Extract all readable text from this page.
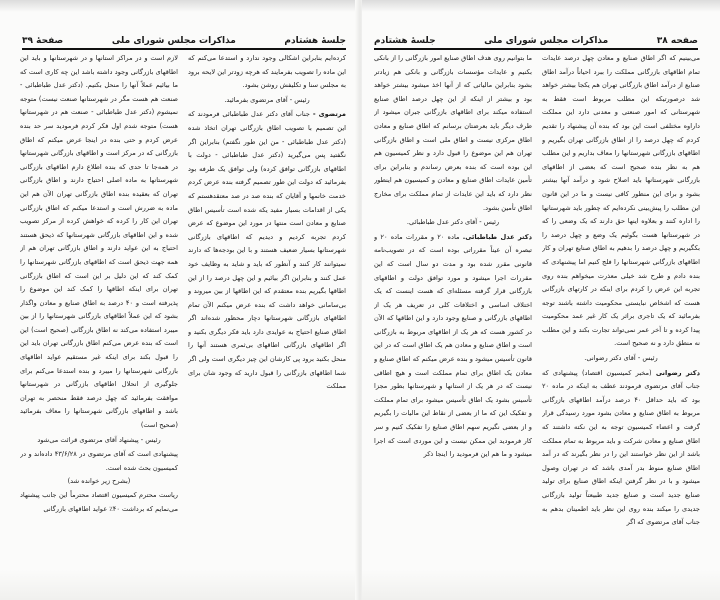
جلسهٔ هشتادم
مذاکرات مجلس شورای ملی
صفحهٔ ۳۹

کرده‌ایم بنابراین اشکالی وجود ندارد و استدعا می‌کنم که این ماده را تصویب بفرمایند که هرچه زودتر این لایحه برود به مجلس سنا و تکلیفش روشن بشود.

رئیس - آقای مرتضوی بفرمائید.

مرتضوی - جناب آقای دکتر عدل طباطبائی فرمودند که این تصمیم با تصویب اطاق بازرگانی تهران اتخاذ شده (دکتر عدل طباطبائی - من این طور نگفتم) بنابراین اگر نگفتید پس می‌گیرید (دکتر عدل طباطبائی - دولت با اطاقهای بازرگانی توافق کرده) ولی توافق یک طرفه بود بفرمائید که دولت این طور تصمیم گرفته بنده عرض کردم خدمت خانمها و آقایان که بنده صد در صد معتقدهستم که یکی از اقدامات بسیار مفید یکه شده است تأسیس اطاق صنایع و معادن است منتها در مورد این موضوع که عرض کردم تجربه کردیم و دیدیم که اطاقهای بازرگانی شهرستانها بسیار ضعیف هستند و با این بودجه‌ها که دارند نمیتوانند کار کنند و آنطور که باید و شاید به وظایف خود عمل کنند و بنابراین اگر بیائیم و این چهل درصد را از این اطاقها بگیریم بنده معتقدم که این اطاقها از بین میروند و بی‌سامانی خواهد داشت که بنده عرض میکنم الآن تمام اطاقهای بازرگانی شهرستانها دچار محظور شده‌اند اگر اطاق صنایع احتیاج به عوایدی دارد باید فکر دیگری بکنید و اگر اطاقهای بازرگانی اطاقهای بی‌ثمری هستند آنها را منحل بکنید برود پی کارشان این چیز دیگری است ولی اگر شما اطاقهای بازرگانی را قبول دارید که وجود شان برای مملکت

لازم است و در مراکز استانها و در شهرستانها و باید این اطاقهای بازرگانی وجود داشته باشد این چه کاری است که ما بیائیم عملاً آنها را منحل بکنیم. (دکتر عدل طباطبائی - صنعت هم هست مگر در شهرستانها صنعت نیست) متوجه نمیشوم (دکتر عدل طباطبائی - صنعت هم در شهرستانها هست) متوجه شدم اول فکر کردم فرمودید سر حد بنده عرض کردم و حتی بنده در اینجا عرض میکنم که اطاق بازرگانی که در مرکز است و اطاقهای بازرگانی شهرستانها در همه‌جا تا حدی که بنده اطلاع دارم اطاقهای بازرگانی شهرستانها به ماده اصلی احتیاج دارند و اطاق بازرگانی تهران که بعقیده بنده اطاق بازرگانی تهران الآن هم این ماده به ضررش است و استدعا میکنم که اطاق بازرگانی تهران این کار را کرده که خواهش کرده از مرکز تصویب شده و این اطاقهای بازرگانی شهرستانها که ذیحق هستند احتیاج به این عواید دارند و اطاق بازرگانی تهران هم از همه جهت ذیحق است که اطاقهای بازرگانی شهرستانها را کمک کند که این دلیل بر این است که اطاق بازرگانی تهران برای اینکه اطاقها را کمک کند این موضوع را پذیرفته است و ۴۰ درصد به اطاق صنایع و معادن واگذار بشود که این عملاً اطاقهای بازرگانی شهرستانها را از بین میبرد استفاده می‌کند نه اطاق بازرگانی (صحیح است) این است که بنده عرض می‌کنم اطاق بازرگانی تهران باید این را قبول بکند برای اینکه غیر مستقیم عواید اطاقهای بازرگانی شهرستانها را میبرد و بنده استدعا می‌کنم برای جلوگیری از انحلال اطاقهای بازرگانی در شهرستانها موافقت بفرمائید که چهل درصد فقط منحصر به تهران باشد و اطاقهای بازرگانی شهرستانها را معاف بفرمائید (صحیح است)

رئیس - پیشنهاد آقای مرتضوی قرائت می‌شود

پیشنهادی است که آقای مرتضوی در ۴۳/۶/۲۸ داده‌اند و در کمیسیون بحث شده است.

(بشرح زیر خوانده شد)

ریاست محترم کمیسیون اقتصاد محترماً این جانب پیشنهاد می‌نمایم که برداشت ۴۰٪ عواید اطاقهای بازرگانی

صفحه ۳۸
مذاکرات مجلس شورای ملی
جلسهٔ هشتادم

می‌بینیم که اگر اطاق صنایع و معادن چهل درصد عایدات تمام اطاقهای بازرگانی مملکت را ببرد احیاناً درآمد اطاق صنایع از درآمد اطاق بازرگانی تهران هم یکجا بیشتر خواهد شد درصورتیکه این مطلب مربوط است فقط به شهرستانی که امور صنعتی و معدنی دارد این مملکت داراوه مختلفی است این بود که بنده آن پیشنهاد را تقدیم کردم که چهل درصد را از اطاق بازرگانی تهران بگیریم و اطاقهای بازرگانی شهرستانها را معاف بداریم و این مطلب هم به نظر بنده صحیح است که بعضی از اطاقهای بازرگانی شهرستانها باید اصلاح شود و درآمد آنها بیشتر بشود و برای این منظور کافی نیست و ما در این قانون این مطلب را پیش‌بینی نکرده‌ایم که چطور باید شهرستانها را اداره کنند و بعلاوه اینها حق دارند که یک وضعی را که در شهرستانها هست بگوئیم یک وضع و چهل درصد را بکگیریم و چهل درصد را بدهیم به اطاق صنایع تهران و کار اطاقهای بازرگانی شهرستانها را فلج کنیم اما پیشنهادی که بنده دادم و طرح شد خیلی معذرت میخواهم بنده روی تجربه این عرض را کردم برای اینکه در کارتهای بازرگانی هست که اشخاص نبایستی محکومیت داشته باشند توجه بفرمائید که یک تاجری براثر یک کار غیر عمد محکومیت پیدا کرده و تا آخر عمر نمی‌تواند تجارت بکند و این مطلب نه منطق دارد و نه صحیح است.

رئیس - آقای دکتر رضوانی.

دکتر رضوانی (مخبر کمیسیون اقتصاد) پیشنهادی که جناب آقای مرتضوی فرمودند عطف به اینکه در ماده ۲۰ بود که باید حداقل ۴۰ درصد درآمد اطاقهای بازرگانی مربوط به اطاق صنایع و معادن بشود مورد رسیدگی قرار گرفت و اعضاء کمیسیون توجه به این نکته داشتند که اطاق صنایع و معادن شرکت و باید مربوط به تمام مملکت باشد از این نظر خواستند این را در نظر بگیرند که در آمد اطاق صنایع منوط بدر آمدی باشد که در تهران وصول میشود و با در نظر گرفتن اینکه اطاق صنایع برای تولید صنایع جدید است و صنایع جدید طبیعتاً تولید بازرگانی جدیدی را میکند بنده روی این نظر باید اطمینان بدهم به جناب آقای مرتضوی که اگر

ما بتوانیم روی هدف اطاق صنایع امور بازرگانی را از بانکی بکنیم و عایدات مؤسسات بازرگانی و بانکی هم زیادتر بشود بنابراین مالیاتی که از آنها اخذ میشود بیشتر خواهد بود و بیشتر از اینکه از این چهل درصد اطاق صنایع استفاده میکند برای اطاقهای بازرگانی جبران میشود از طرف دیگر باید بعرضتان برسانم که اطاق صنایع و معادن اطاق مرکزی نیست و اطاق ملی است و اطاق بازرگانی تهران هم این موضوع را قبول دارد و نظر کمیسیون هم این بوده است که بنده بعرض رساندم و بنابراین برای تأمین عایدات اطاق صنایع و معادن و کمیسیون هم اینطور نظر دارد که باید این عایدات از تمام مملکت برای مخارج اطاق تأمین بشود.

رئیس - آقای دکتر عدل طباطبائی.

دکتر عدل طباطبائی. ماده ۲۰ و مقررات ماده ۲۰ و تبصره آن عیناً مقرراتی بوده است که در تصویب‌نامه قانونی مقرر شده بود و مدت دو سال است که این مقررات اجرا میشود و مورد توافق دولت و اطاقهای بازرگانی قرار گرفته مسئله‌ای که هست اینست که یک اختلاف اساسی و اختلافات کلی در تعریف هر یک از اطاقهای بازرگانی و صنایع وجود دارد و این اطاقها که الآن در کشور هست که هر یک از اطاقهای مربوط به بازرگانی است و اطاق صنایع و معادن هم یک اطاق است که در این قانون تأسیس میشود و بنده عرض میکنم که اطاق صنایع و معادن یک اطاق برای تمام مملکت است و هیچ اطاقی نیست که در هر یک از استانها و شهرستانها بطور مجزا تأسیس بشود یک اطاق تأسیس میشود برای تمام مملکت و تفکیک این که ما از بعضی از نقاط این مالیات را بگیریم و از بعضی نگیریم سهم اطاق صنایع را تفکیک کنیم و سر کار فرمودید این ممکن نیست و این موردی است که اجرا میشود و ما هم این فرمودید را اینجا ذکر
